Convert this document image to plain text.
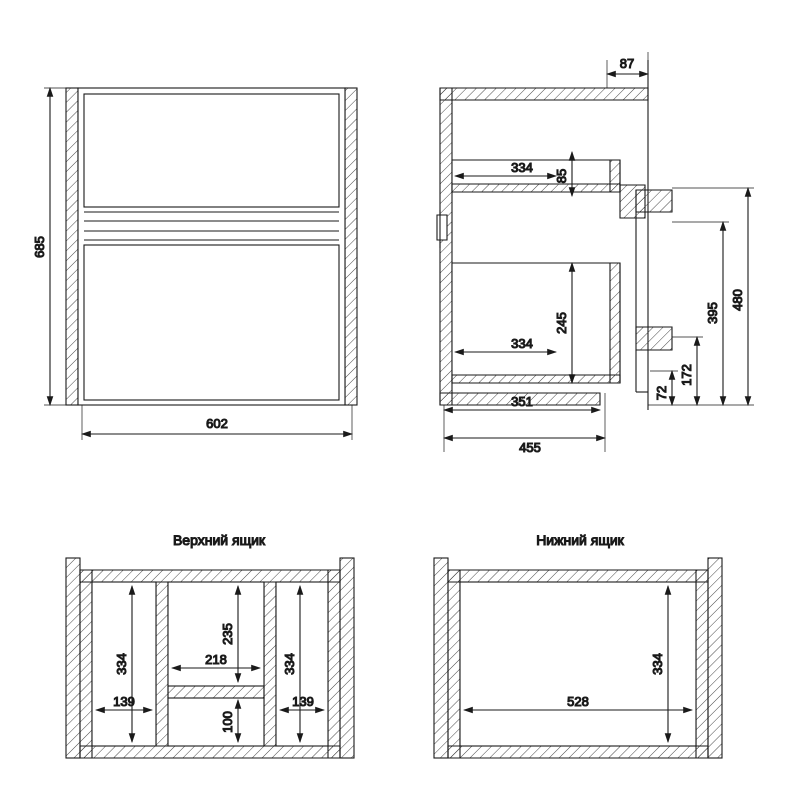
685
602
87
334
85
334
245
351
455
480
395
172
72
Верхний ящик
334
139
235
218
100
334
139
Нижний ящик
334
528
